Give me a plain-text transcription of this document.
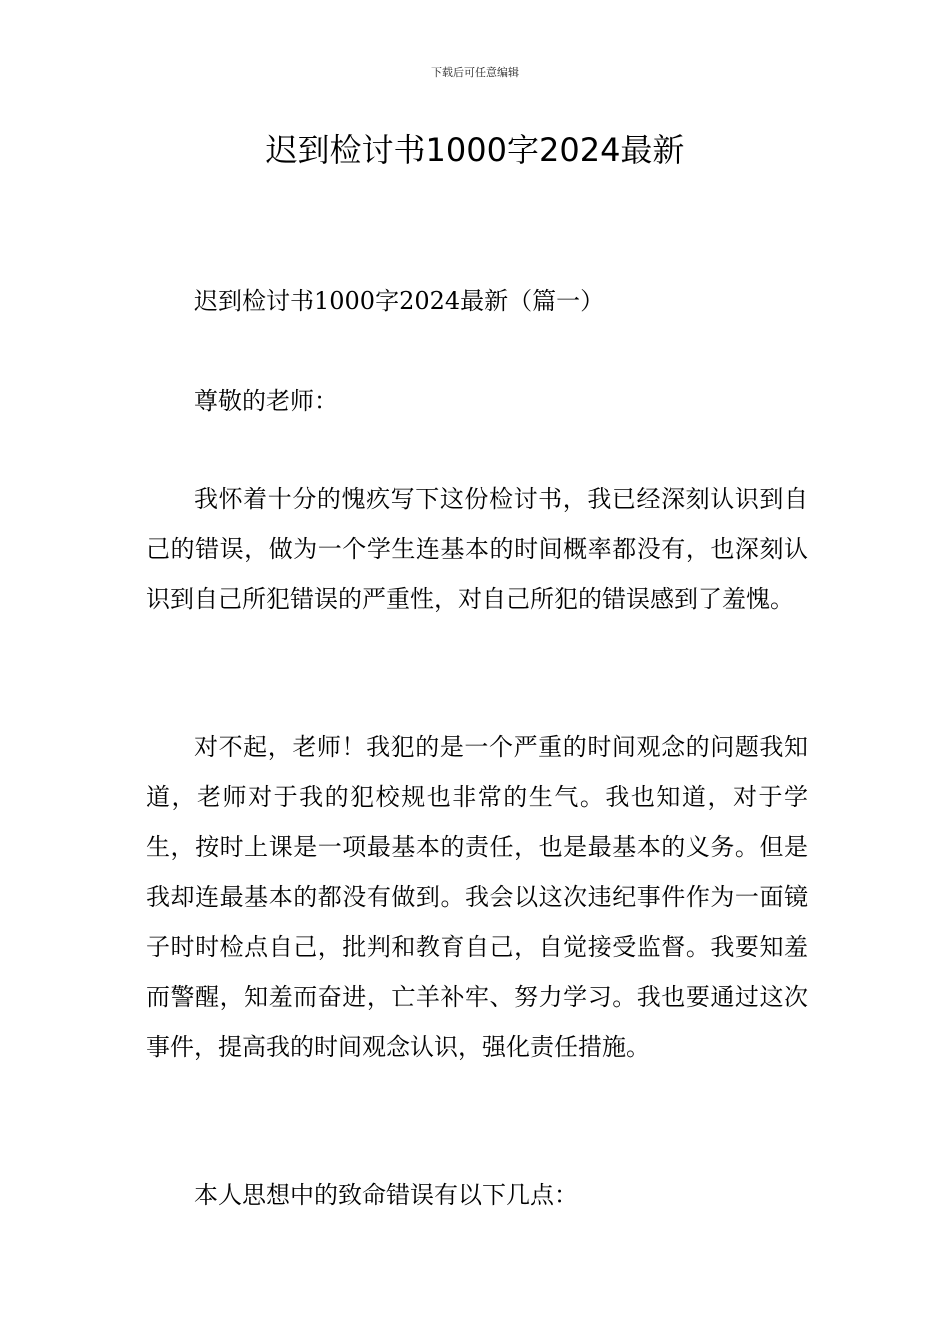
下载后可任意编辑
迟到检讨书1000字2024最新

迟到检讨书1000字2024最新（篇一）

尊敬的老师：

我怀着十分的愧疚写下这份检讨书，我已经深刻认识到自己的错误，做为一个学生连基本的时间概率都没有，也深刻认识到自己所犯错误的严重性，对自己所犯的错误感到了羞愧。

对不起，老师！我犯的是一个严重的时间观念的问题我知道，老师对于我的犯校规也非常的生气。我也知道，对于学生，按时上课是一项最基本的责任，也是最基本的义务。但是我却连最基本的都没有做到。我会以这次违纪事件作为一面镜子时时检点自己，批判和教育自己，自觉接受监督。我要知羞而警醒，知羞而奋进，亡羊补牢、努力学习。我也要通过这次事件，提高我的时间观念认识，强化责任措施。

本人思想中的致命错误有以下几点：
